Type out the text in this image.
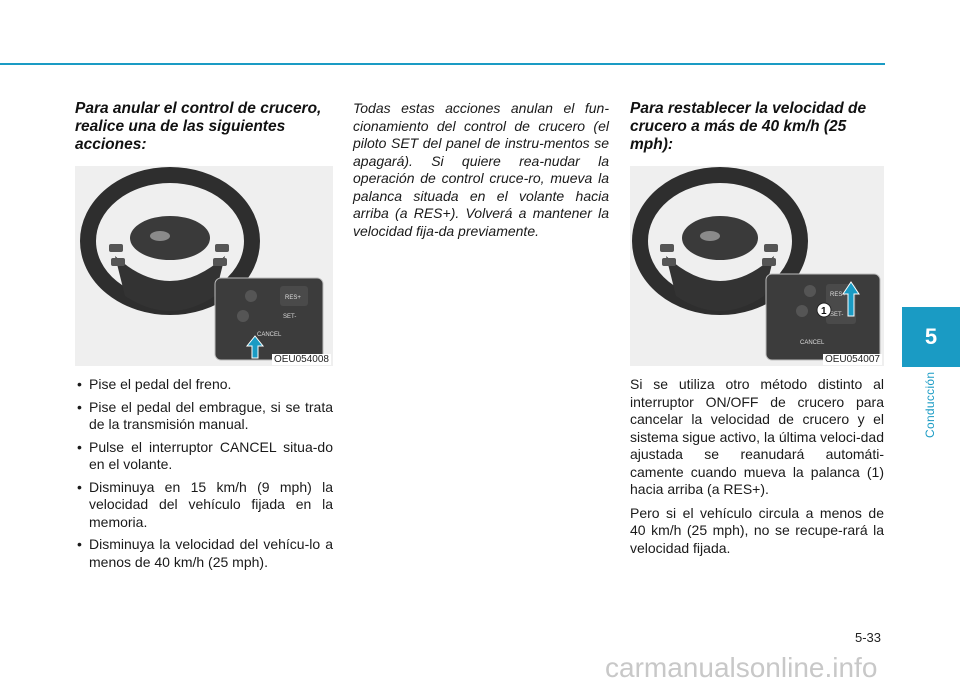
Para anular el control de crucero, realice una de las siguientes acciones:
RES+
SET-
CANCEL
OEU054008
• Pise el pedal del freno.
• Pise el pedal del embrague, si se trata de la transmisión manual.
• Pulse el interruptor CANCEL situa-do en el volante.
• Disminuya en 15 km/h (9 mph) la velocidad del vehículo fijada en la memoria.
• Disminuya la velocidad del vehícu-lo a menos de 40 km/h (25 mph).

Todas estas acciones anulan el fun-cionamiento del control de crucero (el piloto SET del panel de instru-mentos se apagará). Si quiere rea-nudar la operación de control cruce-ro, mueva la palanca situada en el volante hacia arriba (a RES+). Volverá a mantener la velocidad fija-da previamente.

Para restablecer la velocidad de crucero a más de 40 km/h (25 mph):
RES+
SET-
CANCEL
1
OEU054007

Si se utiliza otro método distinto al interruptor ON/OFF de crucero para cancelar la velocidad de crucero y el sistema sigue activo, la última veloci-dad ajustada se reanudará automáti-camente cuando mueva la palanca (1) hacia arriba (a RES+).

Pero si el vehículo circula a menos de 40 km/h (25 mph), no se recupe-rará la velocidad fijada.

5
Conducción
5-33
carmanualsonline.info
